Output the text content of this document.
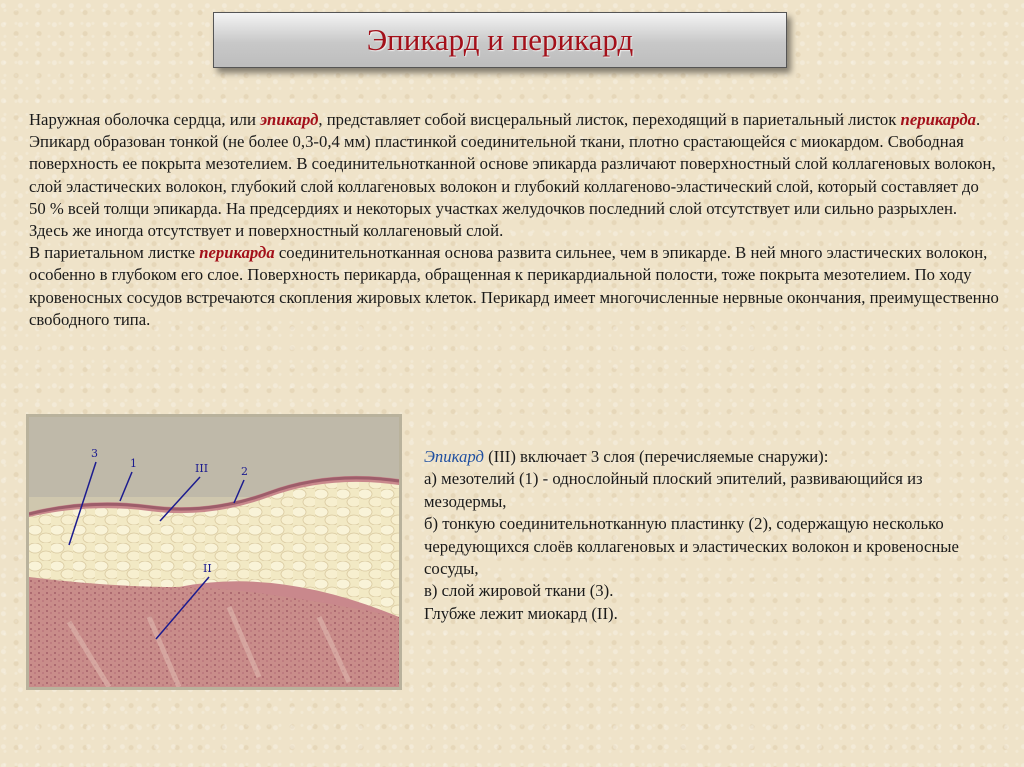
Эпикард и перикард

Наружная оболочка сердца, или эпикард, представляет собой висцеральный листок, переходящий в париетальный листок перикарда. Эпикард образован тонкой (не более 0,3-0,4 мм) пластинкой соединительной ткани, плотно срастающейся с миокардом. Свободная поверхность ее покрыта мезотелием. В соединительнотканной основе эпикарда различают поверхностный слой коллагеновых волокон, слой эластических волокон, глубокий слой коллагеновых волокон и глубокий коллагеново-эластический слой, который составляет до 50 % всей толщи эпикарда. На предсердиях и некоторых участках желудочков последний слой отсутствует или сильно разрыхлен. Здесь же иногда отсутствует и поверхностный коллагеновый слой.
В париетальном листке перикарда соединительнотканная основа развита сильнее, чем в эпикарде. В ней много эластических волокон, особенно в глубоком его слое. Поверхность перикарда, обращенная к перикардиальной полости, тоже покрыта мезотелием. По ходу кровеносных сосудов встречаются скопления жировых клеток. Перикард имеет многочисленные нервные окончания, преимущественно свободного типа.

3
1	III	2
II

Эпикард (III) включает 3 слоя (перечисляемые снаружи):
а) мезотелий (1) - однослойный плоский эпителий, развивающийся из мезодермы,
б) тонкую соединительнотканную пластинку (2), содержащую несколько чередующихся слоёв коллагеновых и эластических волокон и кровеносные сосуды,
в) слой жировой ткани (3).
Глубже лежит миокард (II).
